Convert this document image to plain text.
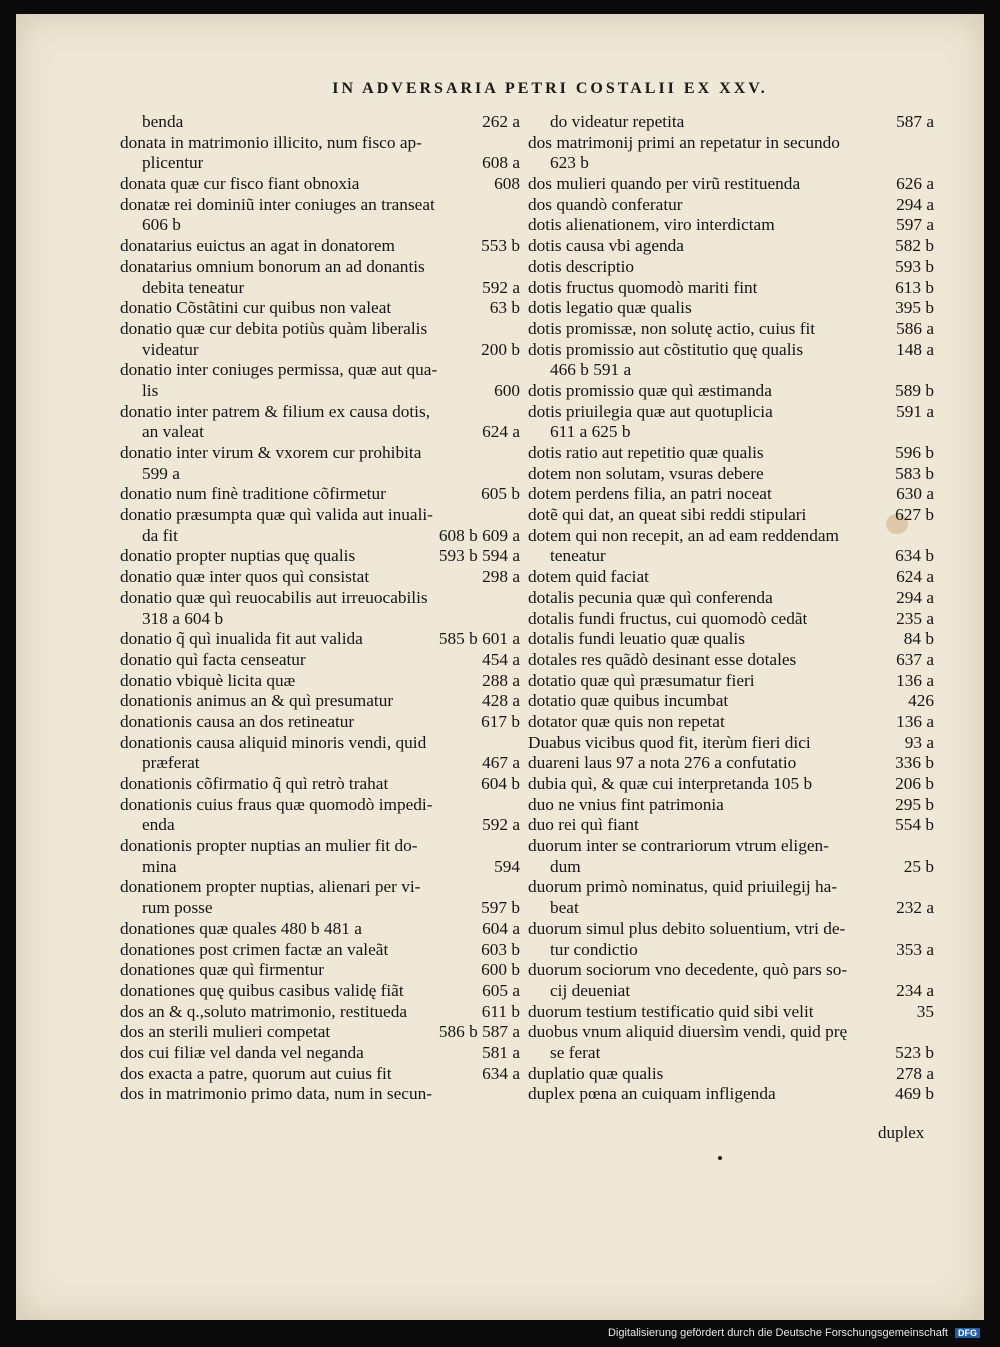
IN ADVERSARIA PETRI COSTALII EX XXV.
benda	262 a
donata in matrimonio illicito, num fisco ap-
plicentur	608 a
donata quæ cur fisco fiant obnoxia	608
donatæ rei dominiũ inter coniuges an transeat
606 b
donatarius euictus an agat in donatorem	553 b
donatarius omnium bonorum an ad donantis
debita teneatur	592 a
donatio Cõstãtini cur quibus non valeat	63 b
donatio quæ cur debita potiùs quàm liberalis
videatur	200 b
donatio inter coniuges permissa, quæ aut qua-
lis	600
donatio inter patrem & filium ex causa dotis,
an valeat	624 a
donatio inter virum & vxorem cur prohibita
599 a
donatio num finè traditione cõfirmetur	605 b
donatio præsumpta quæ quì valida aut inuali-
da fit	608 b 609 a
donatio propter nuptias quę qualis	593 b 594 a
donatio quæ inter quos quì consistat	298 a
donatio quæ quì reuocabilis aut irreuocabilis
318 a 604 b
donatio q̃ quì inualida fit aut valida	585 b 601 a
donatio quì facta censeatur	454 a
donatio vbiquè licita quæ	288 a
donationis animus an & quì presumatur	428 a
donationis causa an dos retineatur	617 b
donationis causa aliquid minoris vendi, quid
præferat	467 a
donationis cõfirmatio q̃ quì retrò trahat	604 b
donationis cuius fraus quæ quomodò impedi-
enda	592 a
donationis propter nuptias an mulier fit do-
mina	594
donationem propter nuptias, alienari per vi-
rum posse	597 b
donationes quæ quales 480 b 481 a	604 a
donationes post crimen factæ an valeãt	603 b
donationes quæ quì firmentur	600 b
donationes quę quibus casibus validę fiãt	605 a
dos an & q.,soluto matrimonio, restitueda	611 b
dos an sterili mulieri competat	586 b 587 a
dos cui filiæ vel danda vel neganda	581 a
dos exacta a patre, quorum aut cuius fit	634 a
dos in matrimonio primo data, num in secun-
do videatur repetita	587 a
dos matrimonij primi an repetatur in secundo
623 b
dos mulieri quando per virũ restituenda	626 a
dos quandò conferatur	294 a
dotis alienationem, viro interdictam	597 a
dotis causa vbi agenda	582 b
dotis descriptio	593 b
dotis fructus quomodò mariti fint	613 b
dotis legatio quæ qualis	395 b
dotis promissæ, non solutę actio, cuius fit	586 a
dotis promissio aut cõstitutio quę qualis	148 a
466 b 591 a
dotis promissio quæ quì æstimanda	589 b
dotis priuilegia quæ aut quotuplicia	591 a
611 a 625 b
dotis ratio aut repetitio quæ qualis	596 b
dotem non solutam, vsuras debere	583 b
dotem perdens filia, an patri noceat	630 a
dotẽ qui dat, an queat sibi reddi stipulari	627 b
dotem qui non recepit, an ad eam reddendam
teneatur	634 b
dotem quid faciat	624 a
dotalis pecunia quæ quì conferenda	294 a
dotalis fundi fructus, cui quomodò cedãt	235 a
dotalis fundi leuatio quæ qualis	84 b
dotales res quãdò desinant esse dotales	637 a
dotatio quæ quì præsumatur fieri	136 a
dotatio quæ quibus incumbat	426
dotator quæ quis non repetat	136 a
Duabus vicibus quod fit, iterùm fieri dici	93 a
duareni laus 97 a nota 276 a confutatio	336 b
dubia quì, & quæ cui interpretanda 105 b	206 b
duo ne vnius fint patrimonia	295 b
duo rei quì fiant	554 b
duorum inter se contrariorum vtrum eligen-
dum	25 b
duorum primò nominatus, quid priuilegij ha-
beat	232 a
duorum simul plus debito soluentium, vtri de-
tur condictio	353 a
duorum sociorum vno decedente, quò pars so-
cij deueniat	234 a
duorum testium testificatio quid sibi velit	35
duobus vnum aliquid diuersìm vendi, quid prę
se ferat	523 b
duplatio quæ qualis	278 a
duplex pœna an cuiquam infligenda	469 b
duplex
Digitalisierung gefördert durch die Deutsche Forschungsgemeinschaft DFG
